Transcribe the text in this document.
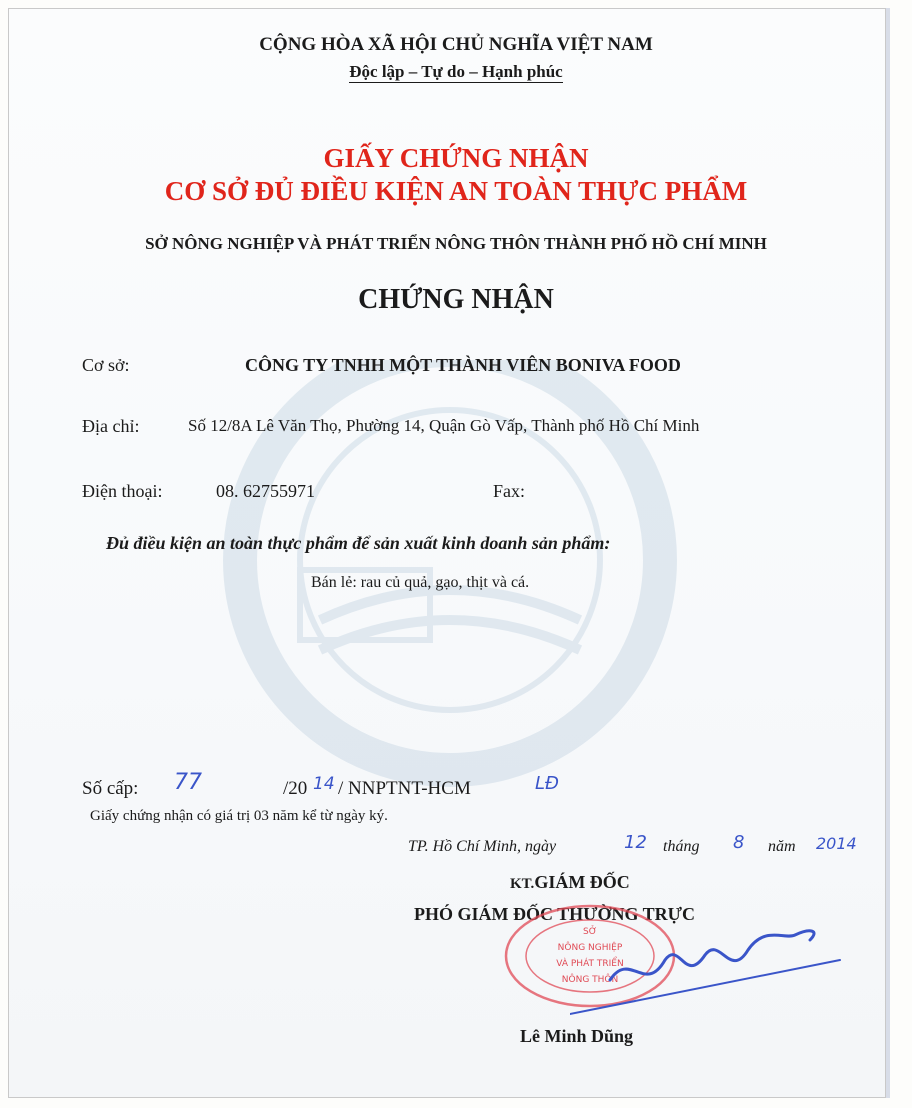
CỘNG HÒA XÃ HỘI CHỦ NGHĨA VIỆT NAM
Độc lập – Tự do – Hạnh phúc
GIẤY CHỨNG NHẬN
CƠ SỞ ĐỦ ĐIỀU KIỆN AN TOÀN THỰC PHẨM
SỞ NÔNG NGHIỆP VÀ PHÁT TRIỂN NÔNG THÔN THÀNH PHỐ HỒ CHÍ MINH
CHỨNG NHẬN
Cơ sở:	CÔNG TY TNHH MỘT THÀNH VIÊN BONIVA FOOD
Địa chỉ:	Số 12/8A Lê Văn Thọ, Phường 14, Quận Gò Vấp, Thành phố Hồ Chí Minh
Điện thoại:	08. 62755971	Fax:
Đủ điều kiện an toàn thực phẩm để sản xuất kinh doanh sản phẩm:
Bán lẻ: rau củ quả, gạo, thịt và cá.
Số cấp: 77	/20 14 / NNPTNT-HCM	LĐ
Giấy chứng nhận có giá trị 03 năm kể từ ngày ký.
TP. Hồ Chí Minh, ngày	12 tháng 8 năm 2014
KT.GIÁM ĐỐC
PHÓ GIÁM ĐỐC THƯỜNG TRỰC
SỞ
NÔNG NGHIỆP
VÀ PHÁT TRIỂN
NÔNG THÔN
Lê Minh Dũng
